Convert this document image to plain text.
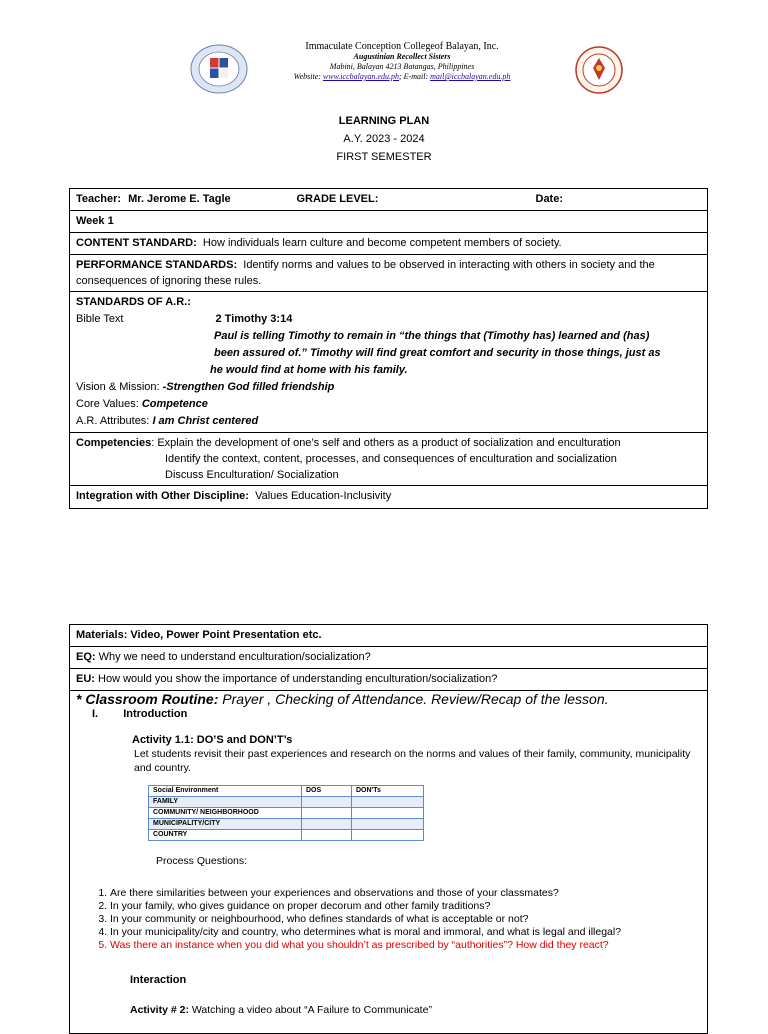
Immaculate Conception Collegeof Balayan, Inc.
Augustinian Recollect Sisters
Mabini, Balayan 4213 Batangas, Philippines
Website: www.iccbalayan.edu.ph; E-mail: mail@iccbalayan.edu.ph
LEARNING PLAN
A.Y. 2023 - 2024
FIRST SEMESTER
Teacher: Mr. Jerome E. Tagle	GRADE LEVEL:	Date:

Week 1
CONTENT STANDARD: How individuals learn culture and become competent members of society.
PERFORMANCE STANDARDS: Identify norms and values to be observed in interacting with others in society and the consequences of ignoring these rules.

STANDARDS OF A.R.:
Bible Text	2 Timothy 3:14
Paul is telling Timothy to remain in “the things that (Timothy has) learned and (has)
been assured of.” Timothy will find great comfort and security in those things, just as
he would find at home with his family.
Vision & Mission: -Strengthen God filled friendship
Core Values: Competence
A.R. Attributes: I am Christ centered

Competencies: Explain the development of one’s self and others as a product of socialization and enculturation
Identify the context, content, processes, and consequences of enculturation and socialization
Discuss Enculturation/ Socialization

Integration with Other Discipline: Values Education-Inclusivity
Materials: Video, Power Point Presentation etc.
EQ: Why we need to understand enculturation/socialization?
EU: How would you show the importance of understanding enculturation/socialization?

* Classroom Routine: Prayer , Checking of Attendance. Review/Recap of the lesson.
I. Introduction
Activity 1.1: DO’S and DON’T’s
Let students revisit their past experiences and research on the norms and values of their family, community, municipality and country.
Social Environment	DOS	DON'Ts
FAMILY		
COMMUNITY/ NEIGHBORHOOD		
MUNICIPALITY/CITY		
COUNTRY		
Process Questions:
1. Are there similarities between your experiences and observations and those of your classmates?
2. In your family, who gives guidance on proper decorum and other family traditions?
3. In your community or neighbourhood, who defines standards of what is acceptable or not?
4. In your municipality/city and country, who determines what is moral and immoral, and what is legal and illegal?
5. Was there an instance when you did what you shouldn’t as prescribed by “authorities”? How did they react?
Interaction
Activity # 2: Watching a video about “A Failure to Communicate”
